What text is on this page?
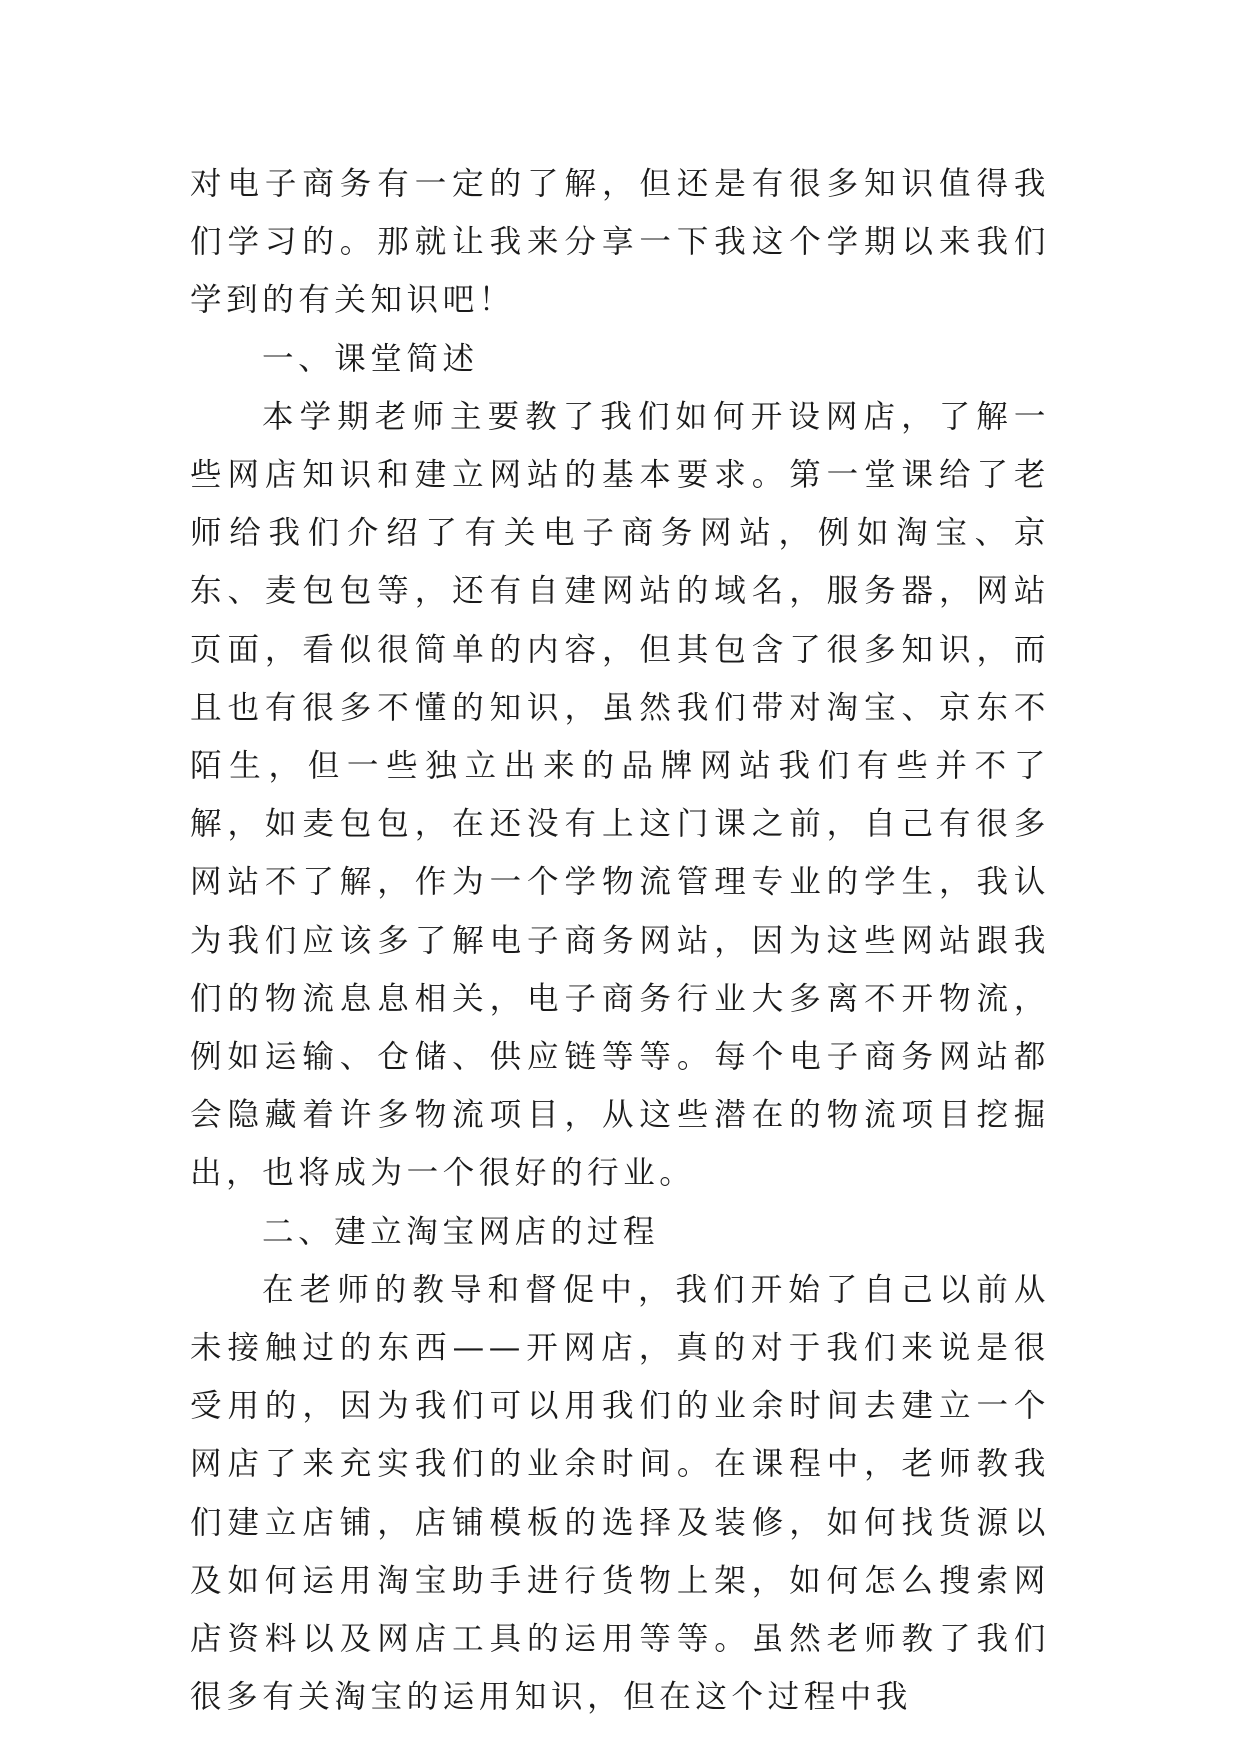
对电子商务有一定的了解，但还是有很多知识值得我们学习的。那就让我来分享一下我这个学期以来我们学到的有关知识吧！

一、课堂简述

本学期老师主要教了我们如何开设网店，了解一些网店知识和建立网站的基本要求。第一堂课给了老师给我们介绍了有关电子商务网站，例如淘宝、京东、麦包包等，还有自建网站的域名，服务器，网站页面，看似很简单的内容，但其包含了很多知识，而且也有很多不懂的知识，虽然我们带对淘宝、京东不陌生，但一些独立出来的品牌网站我们有些并不了解，如麦包包，在还没有上这门课之前，自己有很多网站不了解，作为一个学物流管理专业的学生，我认为我们应该多了解电子商务网站，因为这些网站跟我们的物流息息相关，电子商务行业大多离不开物流，例如运输、仓储、供应链等等。每个电子商务网站都会隐藏着许多物流项目，从这些潜在的物流项目挖掘出，也将成为一个很好的行业。

二、建立淘宝网店的过程

在老师的教导和督促中，我们开始了自己以前从未接触过的东西——开网店，真的对于我们来说是很受用的，因为我们可以用我们的业余时间去建立一个网店了来充实我们的业余时间。在课程中，老师教我们建立店铺，店铺模板的选择及装修，如何找货源以及如何运用淘宝助手进行货物上架，如何怎么搜索网店资料以及网店工具的运用等等。虽然老师教了我们很多有关淘宝的运用知识，但在这个过程中我
